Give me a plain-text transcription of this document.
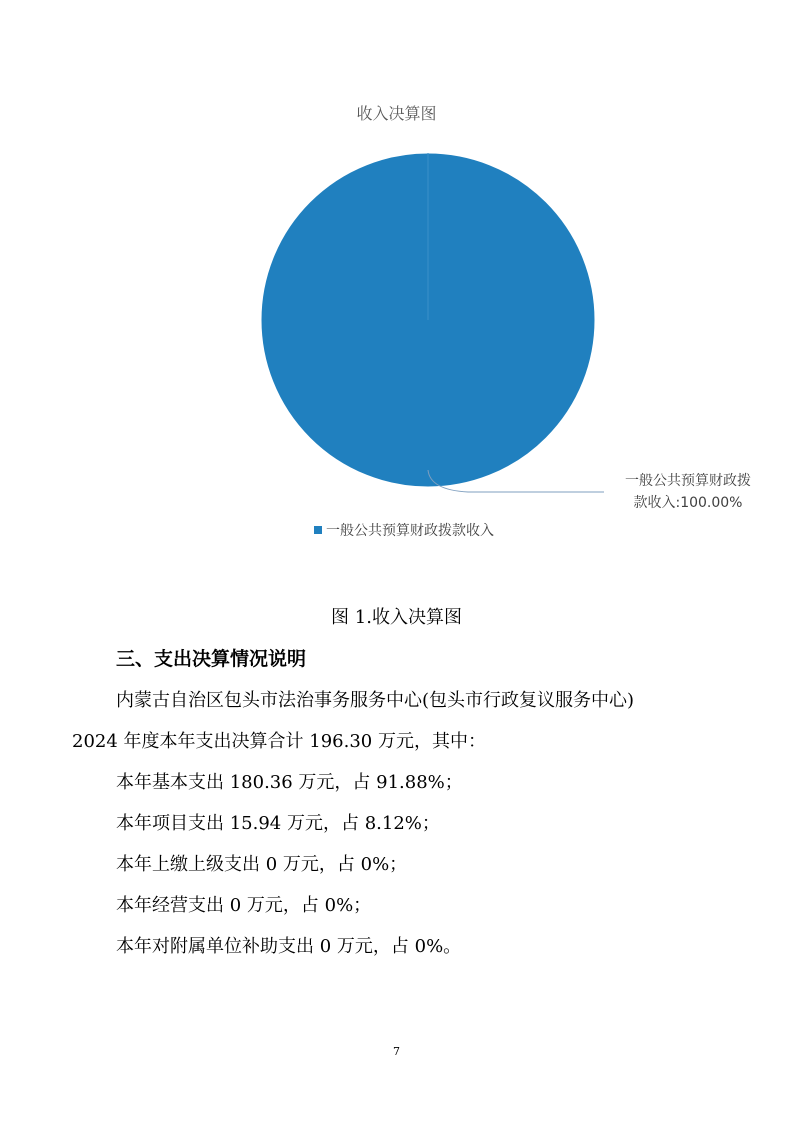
收入决算图
一般公共预算财政拨
款收入:100.00%
一般公共预算财政拨款收入
图 1.收入决算图
三、支出决算情况说明
内蒙古自治区包头市法治事务服务中心(包头市行政复议服务中心)
2024 年度本年支出决算合计 196.30 万元，其中：
本年基本支出 180.36 万元，占 91.88%；
本年项目支出 15.94 万元，占 8.12%；
本年上缴上级支出 0 万元，占 0%；
本年经营支出 0 万元，占 0%；
本年对附属单位补助支出 0 万元，占 0%。
7
